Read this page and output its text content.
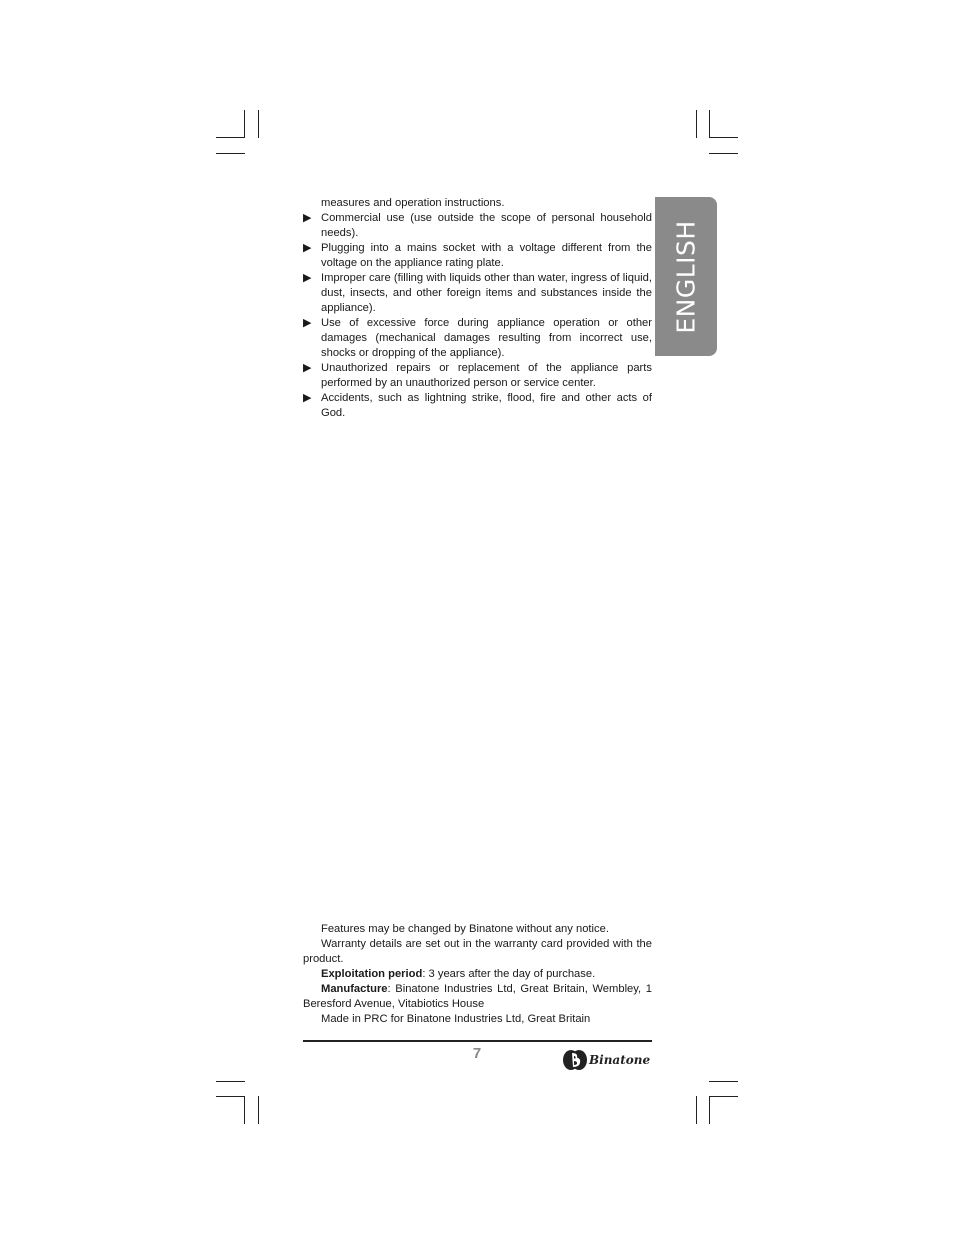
ENGLISH
measures and operation instructions.
▶ Commercial use (use outside the scope of personal household needs).
▶ Plugging into a mains socket with a voltage different from the voltage on the appliance rating plate.
▶ Improper care (filling with liquids other than water, ingress of liquid, dust, insects, and other foreign items and substances inside the appliance).
▶ Use of excessive force during appliance operation or other damages (mechanical damages resulting from incorrect use, shocks or dropping of the appliance).
▶ Unauthorized repairs or replacement of the appliance parts performed by an unauthorized person or service center.
▶ Accidents, such as lightning strike, flood, fire and other acts of God.

Features may be changed by Binatone without any notice.

Warranty details are set out in the warranty card provided with the product.

Exploitation period: 3 years after the day of purchase.

Manufacture: Binatone Industries Ltd, Great Britain, Wembley, 1 Beresford Avenue, Vitabiotics House

Made in PRC for Binatone Industries Ltd, Great Britain

7	Binatone
